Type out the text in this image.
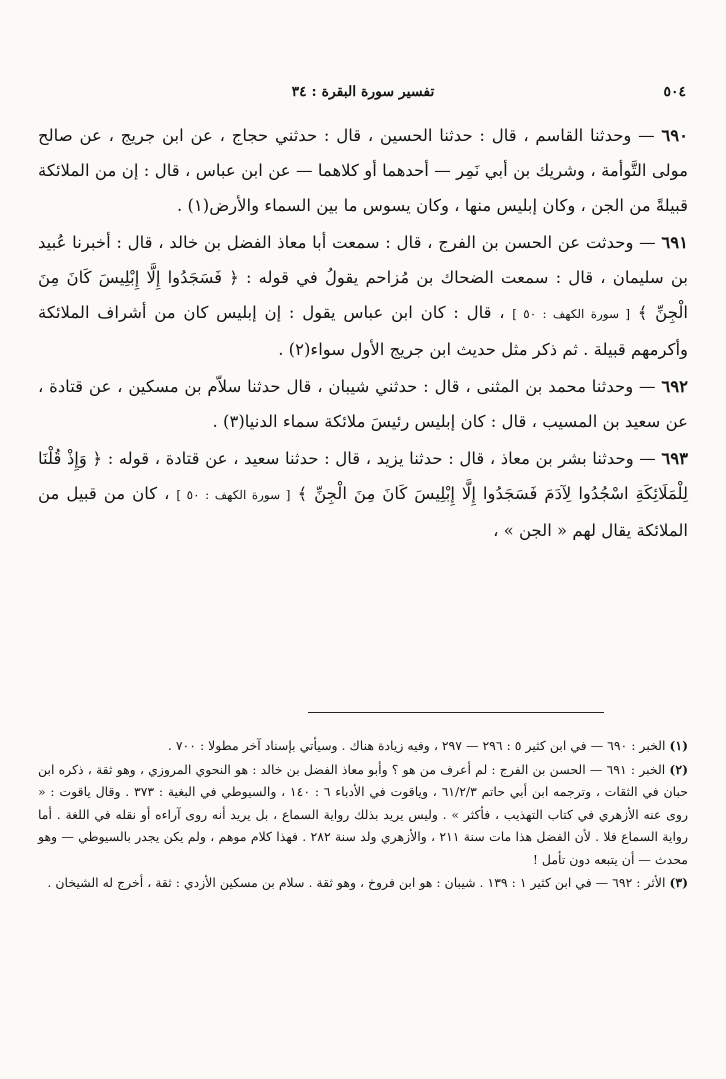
٥٠٤
تفسير سورة البقرة : ٣٤

٦٩٠ — وحدثنا القاسم ، قال : حدثنا الحسين ، قال : حدثني حجاج ، عن ابن جريج ، عن صالح مولى التَّوأمة ، وشريك بن أبي نَمِر — أحدهما أو كلاهما — عن ابن عباس ، قال : إن من الملائكة قبيلةً من الجن ، وكان إبليس منها ، وكان يسوس ما بين السماء والأرض(١) .

٦٩١ — وحدثت عن الحسن بن الفرج ، قال : سمعت أبا معاذ الفضل بن خالد ، قال : أخبرنا عُبيد بن سليمان ، قال : سمعت الضحاك بن مُزاحم يقولُ في قوله : ﴿ فَسَجَدُوا إِلَّا إِبْلِيسَ كَانَ مِنَ الْجِنِّ ﴾ [ سورة الكهف : ٥٠ ] ، قال : كان ابن عباس يقول : إن إبليس كان من أشراف الملائكة وأكرمهم قبيلة . ثم ذكر مثل حديث ابن جريج الأول سواء(٢) .

٦٩٢ — وحدثنا محمد بن المثنى ، قال : حدثني شيبان ، قال حدثنا سلاّم بن مسكين ، عن قتادة ، عن سعيد بن المسيب ، قال : كان إبليس رئيسَ ملائكة سماء الدنيا(٣) .

٦٩٣ — وحدثنا بشر بن معاذ ، قال : حدثنا يزيد ، قال : حدثنا سعيد ، عن قتادة ، قوله : ﴿ وَإِذْ قُلْنَا لِلْمَلَائِكَةِ اسْجُدُوا لِآدَمَ فَسَجَدُوا إِلَّا إِبْلِيسَ كَانَ مِنَ الْجِنِّ ﴾ [ سورة الكهف : ٥٠ ] ، كان من قبيل من الملائكة يقال لهم « الجن » ،

(١) الخبر : ٦٩٠ — في ابن كثير ٥ : ٢٩٦ — ٢٩٧ ، وفيه زيادة هناك . وسيأتي بإسناد آخر مطولا : ٧٠٠ .

(٢) الخبر : ٦٩١ — الحسن بن الفرج : لم أعرف من هو ؟ وأبو معاذ الفضل بن خالد : هو النحوي المروزي ، وهو ثقة ، ذكره ابن حبان في الثقات ، وترجمه ابن أبي حاتم ٦١/٢/٣ ، وياقوت في الأدباء ٦ : ١٤٠ ، والسيوطي في البغية : ٣٧٣ . وقال ياقوت : « روى عنه الأزهري في كتاب التهذيب ، فأكثر » . وليس يريد بذلك رواية السماع ، بل يريد أنه روى آراءه أو نقله في اللغة . أما رواية السماع فلا . لأن الفضل هذا مات سنة ٢١١ ، والأزهري ولد سنة ٢٨٢ . فهذا كلام موهم ، ولم يكن يجدر بالسيوطي — وهو محدث — أن يتبعه دون تأمل !

(٣) الأثر : ٦٩٢ — في ابن كثير ١ : ١٣٩ . شيبان : هو ابن فروخ ، وهو ثقة . سلام بن مسكين الأزدي : ثقة ، أخرج له الشيخان .
